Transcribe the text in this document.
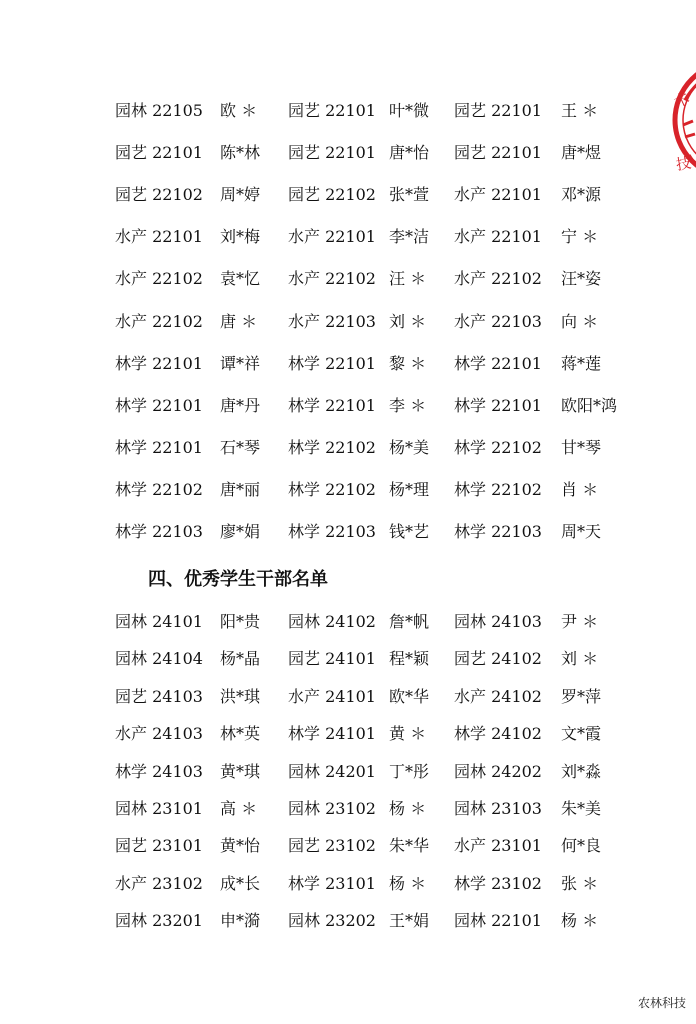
园林 22105 欧 ＊ 园艺 22101 叶*微 园艺 22101 王 ＊
园艺 22101 陈*林 园艺 22101 唐*怡 园艺 22101 唐*煜
园艺 22102 周*婷 园艺 22102 张*萱 水产 22101 邓*源
水产 22101 刘*梅 水产 22101 李*洁 水产 22101 宁 ＊
水产 22102 袁*忆 水产 22102 汪 ＊ 水产 22102 汪*姿
水产 22102 唐 ＊ 水产 22103 刘 ＊ 水产 22103 向 ＊
林学 22101 谭*祥 林学 22101 黎 ＊ 林学 22101 蒋*莲
林学 22101 唐*丹 林学 22101 李 ＊ 林学 22101 欧阳*鸿
林学 22101 石*琴 林学 22102 杨*美 林学 22102 甘*琴
林学 22102 唐*丽 林学 22102 杨*理 林学 22102 肖 ＊
林学 22103 廖*娟 林学 22103 钱*艺 林学 22103 周*天
四、优秀学生干部名单
园林 24101 阳*贵 园林 24102 詹*帆 园林 24103 尹 ＊
园林 24104 杨*晶 园艺 24101 程*颖 园艺 24102 刘 ＊
园艺 24103 洪*琪 水产 24101 欧*华 水产 24102 罗*萍
水产 24103 林*英 林学 24101 黄 ＊ 林学 24102 文*霞
林学 24103 黄*琪 园林 24201 丁*彤 园林 24202 刘*淼
园林 23101 高 ＊ 园林 23102 杨 ＊ 园林 23103 朱*美
园艺 23101 黄*怡 园艺 23102 朱*华 水产 23101 何*良
水产 23102 成*长 林学 23101 杨 ＊ 林学 23102 张 ＊
园林 23201 申*漪 园林 23202 王*娟 园林 22101 杨 ＊
木
技
农林科技
